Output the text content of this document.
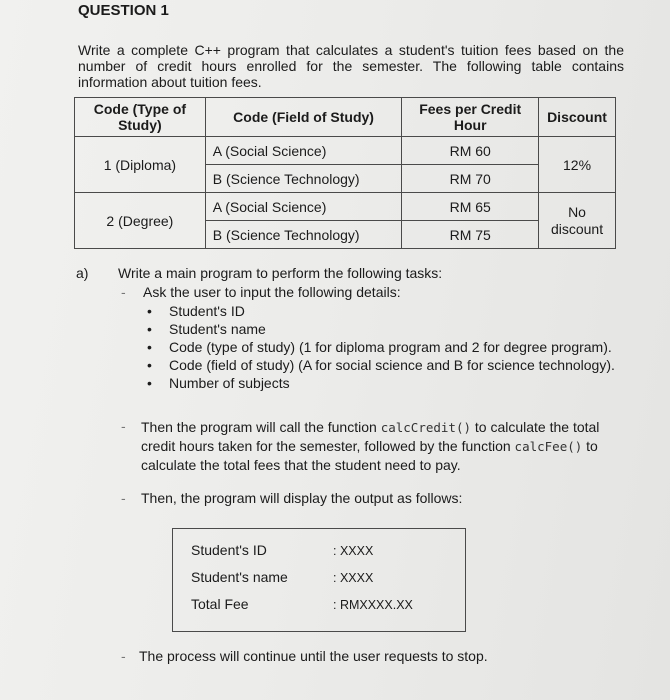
QUESTION 1
Write a complete C++ program that calculates a student's tuition fees based on the number of credit hours enrolled for the semester. The following table contains information about tuition fees.
Code (Type of Study)	Code (Field of Study)	Fees per Credit Hour	Discount
1 (Diploma)	A (Social Science)	RM 60	12%
	B (Science Technology)	RM 70	
2 (Degree)	A (Social Science)	RM 65	No discount
	B (Science Technology)	RM 75	
a) Write a main program to perform the following tasks:
- Ask the user to input the following details:
•	Student's ID
•	Student's name
•	Code (type of study) (1 for diploma program and 2 for degree program).
•	Code (field of study) (A for social science and B for science technology).
•	Number of subjects
- Then the program will call the function calcCredit() to calculate the total credit hours taken for the semester, followed by the function calcFee() to calculate the total fees that the student need to pay.
- Then, the program will display the output as follows:
Student's ID	: XXXX
Student's name	: XXXX
Total Fee	: RMXXXX.XX
- The process will continue until the user requests to stop.
